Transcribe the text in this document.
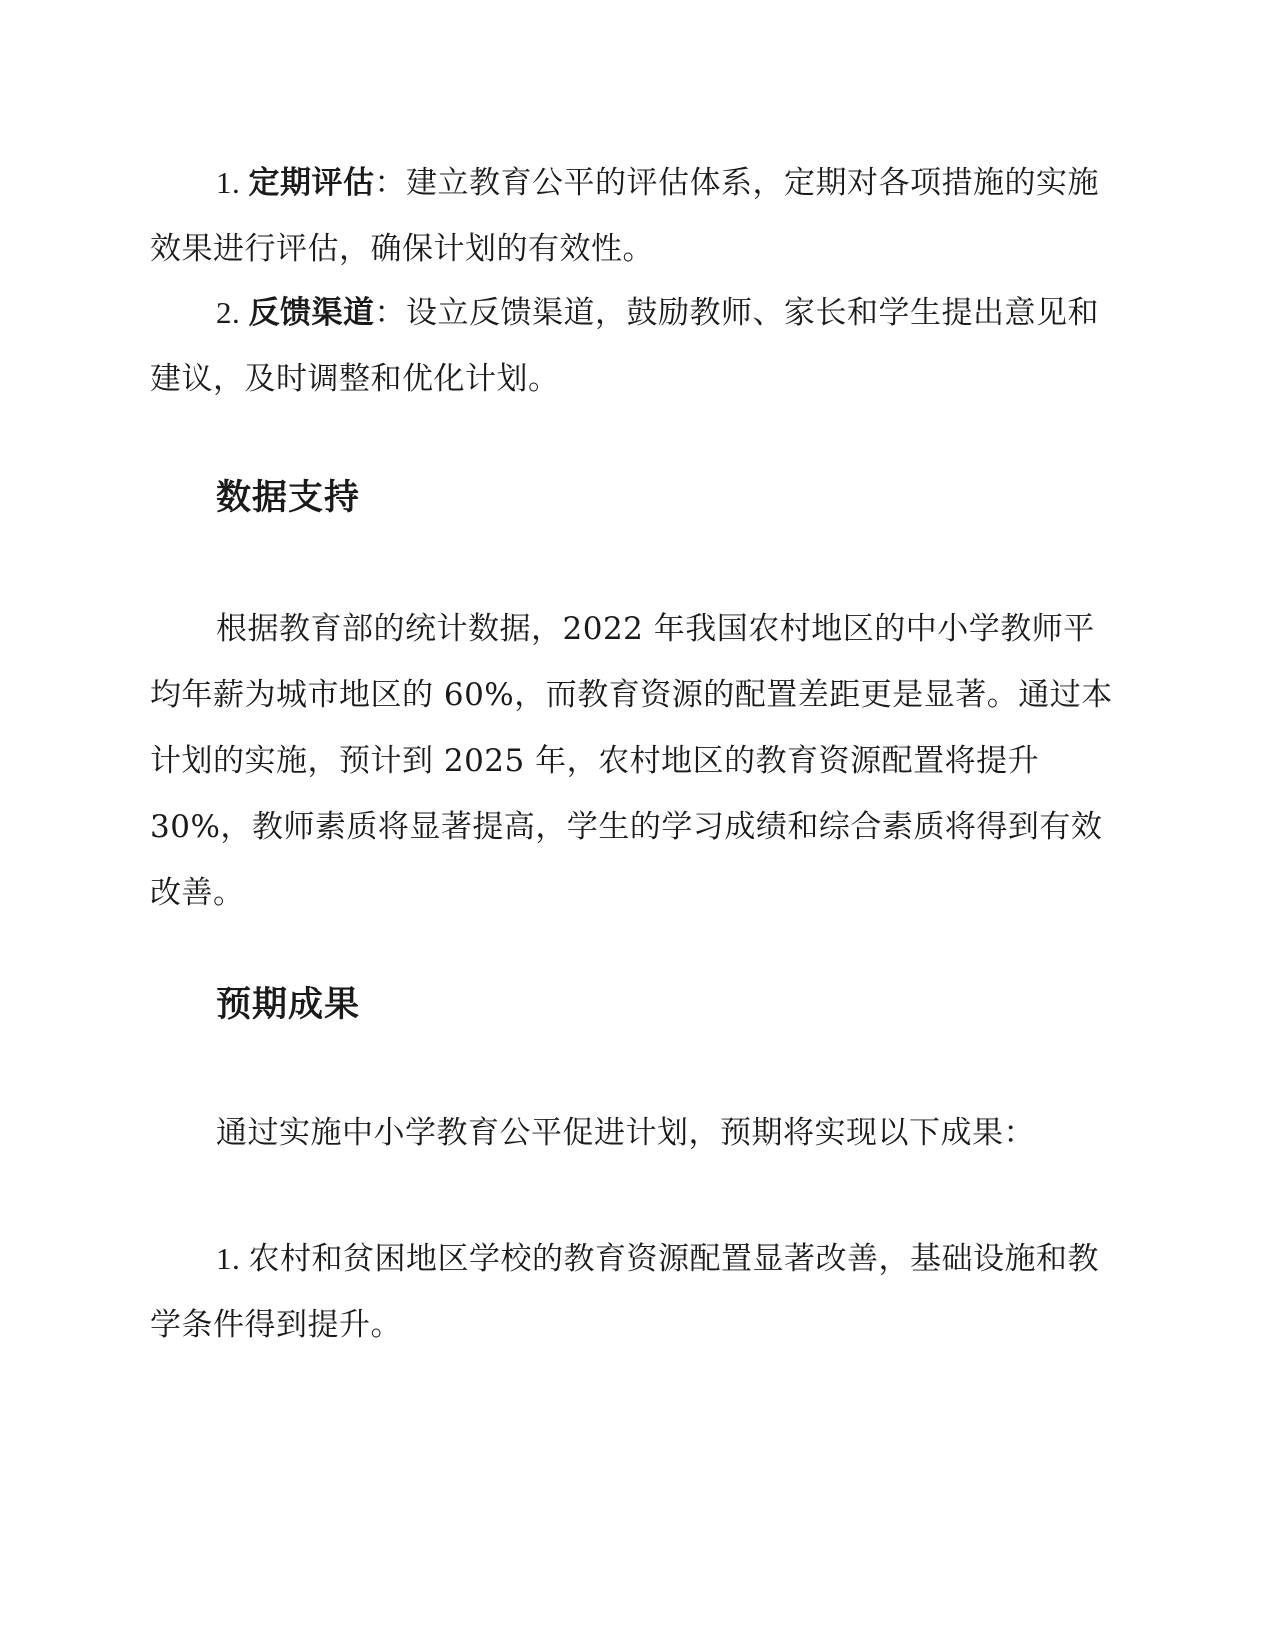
1. 定期评估：建立教育公平的评估体系，定期对各项措施的实施效果进行评估，确保计划的有效性。

2. 反馈渠道：设立反馈渠道，鼓励教师、家长和学生提出意见和建议，及时调整和优化计划。

数据支持

根据教育部的统计数据，2022 年我国农村地区的中小学教师平均年薪为城市地区的 60%，而教育资源的配置差距更是显著。通过本计划的实施，预计到 2025 年，农村地区的教育资源配置将提升 30%，教师素质将显著提高，学生的学习成绩和综合素质将得到有效改善。

预期成果

通过实施中小学教育公平促进计划，预期将实现以下成果：

1. 农村和贫困地区学校的教育资源配置显著改善，基础设施和教学条件得到提升。
